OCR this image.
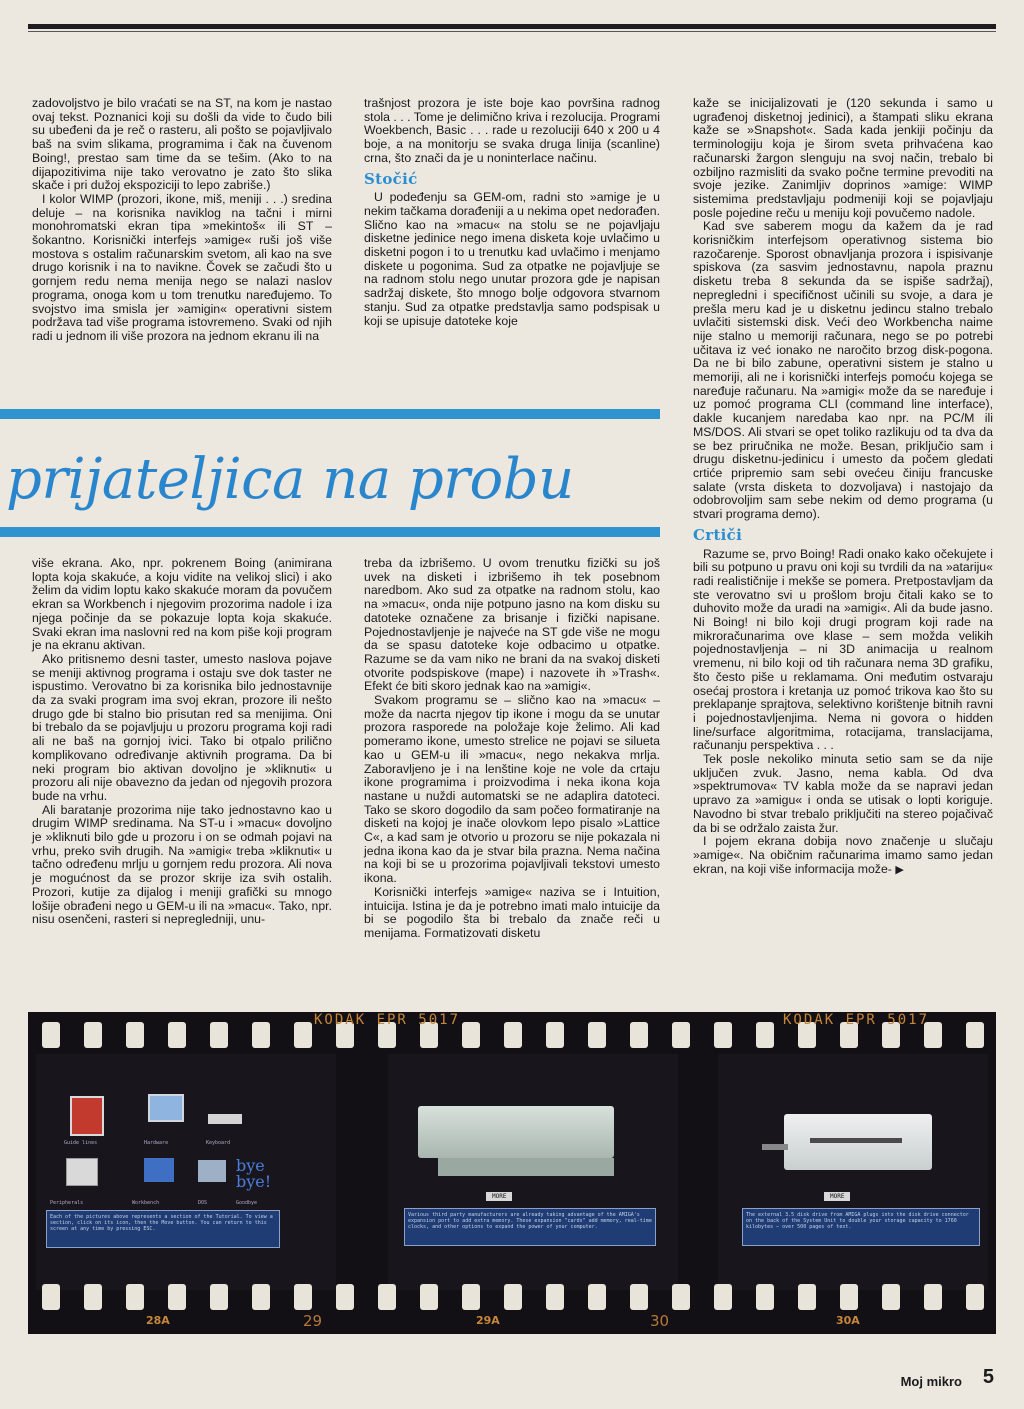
zadovoljstvo je bilo vraćati se na ST, na kom je nastao ovaj tekst. Poznanici koji su došli da vide to čudo bili su ubeđeni da je reč o rasteru, ali pošto se pojavljivalo baš na svim slikama, programima i čak na čuvenom Boing!, prestao sam time da se tešim. (Ako to na dijapozitivima nije tako verovatno je zato što slika skače i pri dužoj ekspoziciji to lepo zabriše.)

I kolor WIMP (prozori, ikone, miš, meniji . . .) sredina deluje – na korisnika naviklog na tačni i mirni monohromatski ekran tipa »mekintoš« ili ST – šokantno. Korisnički interfejs »amige« ruši još više mostova s ostalim računarskim svetom, ali kao na sve drugo korisnik i na to navikne. Čovek se začudi što u gornjem redu nema menija nego se nalazi naslov programa, onoga kom u tom trenutku naređujemo. To svojstvo ima smisla jer »amigin« operativni sistem podržava tad više programa istovremeno. Svaki od njih radi u jednom ili više prozora na jednom ekranu ili na

trašnjost prozora je iste boje kao površina radnog stola . . . Tome je delimično kriva i rezolucija. Programi Woekbench, Basic . . . rade u rezoluciji 640 x 200 u 4 boje, a na monitorju se svaka druga linija (scanline) crna, što znači da je u noninterlace načinu.

Stočić

U podeđenju sa GEM-om, radni sto »amige je u nekim tačkama dorađeniji a u nekima opet nedorađen. Slično kao na »macu« na stolu se ne pojavljaju disketne jedinice nego imena disketa koje uvlačimo u disketni pogon i to u trenutku kad uvlačimo i menjamo diskete u pogonima. Sud za otpatke ne pojavljuje se na radnom stolu nego unutar prozora gde je napisan sadržaj diskete, što mnogo bolje odgovora stvarnom stanju. Sud za otpatke predstavlja samo podspisak u koji se upisuje datoteke koje

prijateljica na probu

kaže se inicijalizovati je (120 sekunda i samo u ugrađenoj disketnoj jedinici), a štampati sliku ekrana kaže se »Snapshot«. Sada kada jenkiji počinju da terminologiju koja je širom sveta prihvaćena kao računarski žargon slenguju na svoj način, trebalo bi ozbiljno razmisliti da svako počne termine prevoditi na svoje jezike. Zanimljiv doprinos »amige: WIMP sistemima predstavljaju podmeniji koji se pojavljaju posle pojedine reču u meniju koji povučemo nadole.

Kad sve saberem mogu da kažem da je rad korisničkim interfejsom operativnog sistema bio razočarenje. Sporost obnavljanja prozora i ispisivanje spiskova (za sasvim jednostavnu, napola praznu disketu treba 8 sekunda da se ispiše sadržaj), nepregledni i specifičnost učinili su svoje, a dara je prešla meru kad je u disketnu jedincu stalno trebalo uvlačiti sistemski disk. Veći deo Workbencha naime nije stalno u memoriji računara, nego se po potrebi učitava iz već ionako ne naročito brzog disk-pogona. Da ne bi bilo zabune, operativni sistem je stalno u memoriji, ali ne i korisnički interfejs pomoću kojega se naređuje računaru. Na »amigi« može da se naređuje i uz pomoć programa CLI (command line interface), dakle kucanjem naredaba kao npr. na PC/M ili MS/DOS. Ali stvari se opet toliko razlikuju od ta dva da se bez priručnika ne može. Besan, priključio sam i drugu disketnu-jedinicu i umesto da počem gledati crtiće pripremio sam sebi ovećeu činiju francuske salate (vrsta disketa to dozvoljava) i nastojajo da odobrovoljim sam sebe nekim od demo programa (u stvari programa demo).

Crtiči

Razume se, prvo Boing! Radi onako kako očekujete i bili su potpuno u pravu oni koji su tvrdili da na »atariju« radi realističnije i mekše se pomera. Pretpostavljam da ste verovatno svi u prošlom broju čitali kako se to duhovito može da uradi na »amigi«. Ali da bude jasno. Ni Boing! ni bilo koji drugi program koji rade na mikroračunarima ove klase – sem možda velikih pojednostavljenja – ni 3D animacija u realnom vremenu, ni bilo koji od tih računara nema 3D grafiku, što često piše u reklamama. Oni međutim ostvaraju osećaj prostora i kretanja uz pomoć trikova kao što su preklapanje sprajtova, selektivno korištenje bitnih ravni i pojednostavljenjima. Nema ni govora o hidden line/surface algoritmima, rotacijama, translacijama, računanju perspektiva . . .

Tek posle nekoliko minuta setio sam se da nije uključen zvuk. Jasno, nema kabla. Od dva »spektrumova« TV kabla može da se napravi jedan upravo za »amigu« i onda se utisak o lopti koriguje. Navodno bi stvar trebalo priključiti na stereo pojačivač da bi se održalo zaista žur.

I pojem ekrana dobija novo značenje u slučaju »amige«. Na običnim računarima imamo samo jedan ekran, na koji više informacija može- ▶

više ekrana. Ako, npr. pokrenem Boing (animirana lopta koja skakuće, a koju vidite na velikoj slici) i ako želim da vidim loptu kako skakuće moram da povučem ekran sa Workbench i njegovim prozorima nadole i iza njega počinje da se pokazuje lopta koja skakuće. Svaki ekran ima naslovni red na kom piše koji program je na ekranu aktivan.

Ako pritisnemo desni taster, umesto naslova pojave se meniji aktivnog programa i ostaju sve dok taster ne ispustimo. Verovatno bi za korisnika bilo jednostavnije da za svaki program ima svoj ekran, prozore ili nešto drugo gde bi stalno bio prisutan red sa menijima. Oni bi trebalo da se pojavljuju u prozoru programa koji radi ali ne baš na gornjoj ivici. Tako bi otpalo prilično komplikovano određivanje aktivnih programa. Da bi neki program bio aktivan dovoljno je »kliknuti« u prozoru ali nije obavezno da jedan od njegovih prozora bude na vrhu.

Ali baratanje prozorima nije tako jednostavno kao u drugim WIMP sredinama. Na ST-u i »macu« dovoljno je »kliknuti bilo gde u prozoru i on se odmah pojavi na vrhu, preko svih drugih. Na »amigi« treba »kliknuti« u tačno određenu mrlju u gornjem redu prozora. Ali nova je mogućnost da se prozor skrije iza svih ostalih. Prozori, kutije za dijalog i meniji grafički su mnogo lošije obrađeni nego u GEM-u ili na »macu«. Tako, npr. nisu osenčeni, rasteri si nepregledniji, unu-

treba da izbrišemo. U ovom trenutku fizički su još uvek na disketi i izbrišemo ih tek posebnom naredbom. Ako sud za otpatke na radnom stolu, kao na »macu«, onda nije potpuno jasno na kom disku su datoteke označene za brisanje i fizički napisane. Pojednostavljenje je najveće na ST gde više ne mogu da se spasu datoteke koje odbacimo u otpatke. Razume se da vam niko ne brani da na svakoj disketi otvorite podspiskove (mape) i nazovete ih »Trash«. Efekt će biti skoro jednak kao na »amigi«.

Svakom programu se – slično kao na »macu« – može da nacrta njegov tip ikone i mogu da se unutar prozora rasporede na položaje koje želimo. Ali kad pomeramo ikone, umesto strelice ne pojavi se silueta kao u GEM-u ili »macu«, nego nekakva mrlja. Zaboravljeno je i na lenštine koje ne vole da crtaju ikone programima i proizvodima i neka ikona koja nastane u nuždi automatski se ne adaplira datoteci. Tako se skoro dogodilo da sam počeo formatiranje na disketi na kojoj je inače olovkom lepo pisalo »Lattice C«, a kad sam je otvorio u prozoru se nije pokazala ni jedna ikona kao da je stvar bila prazna. Nema načina na koji bi se u prozorima pojavljivali tekstovi umesto ikona.

Korisnički interfejs »amige« naziva se i Intuition, intuicija. Istina je da je potrebno imati malo intuicije da bi se pogodilo šta bi trebalo da znače reči u menijama. Formatizovati disketu

KODAK EPR 5017	KODAK EPR 5017
Guide lines	Hardware	Keyboard
bye bye!
Peripherals	Workbench	DOS	Goodbye
Each of the pictures above represents a section of the Tutorial. To view a section, click on its icon, then the Move button. You can return to this screen at any time by pressing ESC.
MORE
Various third party manufacturers are already taking advantage of the AMIGA's expansion port to add extra memory. These expansion "cards" add memory, real-time clocks, and other options to expand the power of your computer.
MORE
The external 3.5 disk drive from AMIGA plugs into the disk drive connector on the back of the System Unit to double your storage capacity to 1760 kilobytes — over 500 pages of text.
28A	29	29A	30	30A
Moj mikro 5
